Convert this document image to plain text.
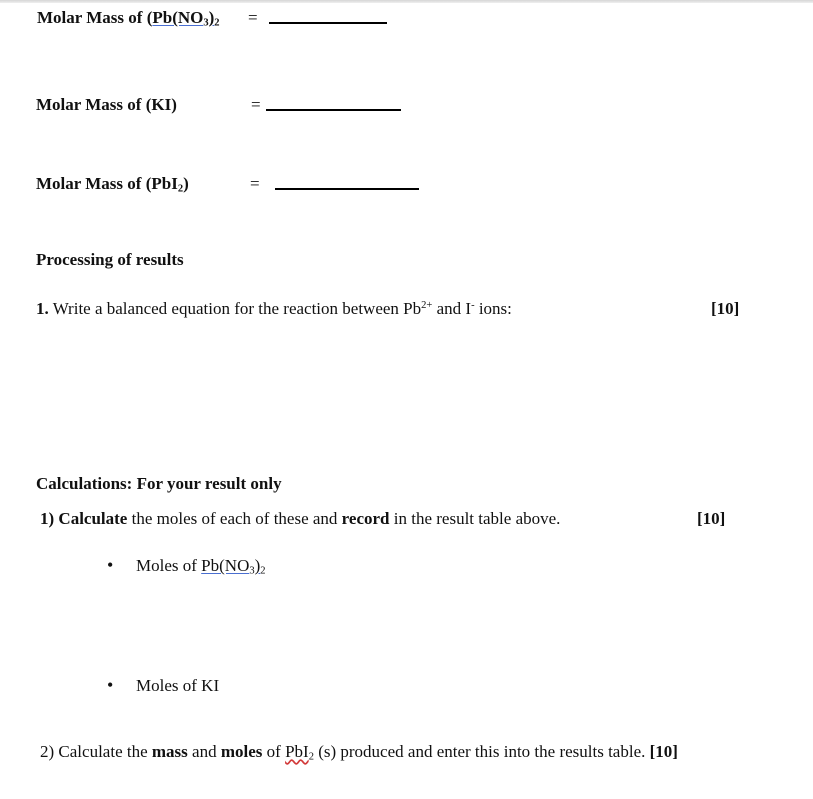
Molar Mass of ($Pb(NO_3)_2$ =
Molar Mass of (KI)	=
Molar Mass of (PbI$_2$)	=
Processing of results
1. Write a balanced equation for the reaction between $Pb^{2+}$ and I- ions:	[10]
Calculations: For your result only
1) Calculate the moles of each of these and record in the result table above.	[10]
• Moles of $Pb(NO_3)_2$
• Moles of KI
2) Calculate the mass and moles of PbI$_2$ (s) produced and enter this into the results table. [10]
